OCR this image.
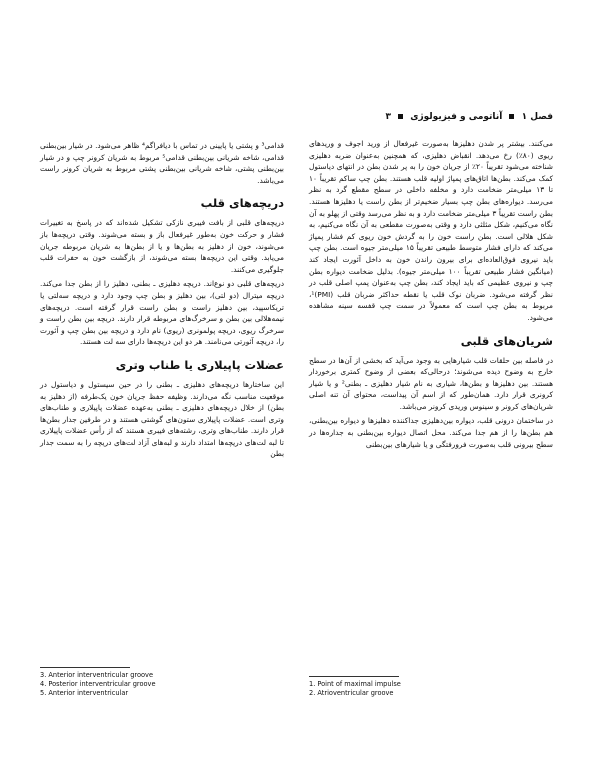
فصل ۱  آناتومی و فیزیولوژی  ۳

می‌کنند. بیشتر پر شدن دهلیزها به‌صورت غیرفعال از ورید اجوف و وریدهای ریوی (۸۰٪) رخ می‌دهد. انقباض دهلیزی، که همچنین به‌عنوان ضربه دهلیزی شناخته می‌شود تقریباً ۲۰٪ از جریان خون را به پر شدن بطن در انتهای دیاستول کمک می‌کند. بطن‌ها اتاق‌های پمپاژ اولیه قلب هستند. بطن چپ ساکم تقریباً ۱۰ تا ۱۳ میلی‌متر ضخامت دارد و مخلفه داخلی در سطح مقطع گرد به نظر می‌رسد. دیواره‌های بطن چپ بسیار ضخیم‌تر از بطن راست یا دهلیزها هستند. بطن راست تقریباً ۳ میلی‌متر ضخامت دارد و به نظر می‌رسد وقتی از پهلو به آن نگاه می‌کنیم، شکل مثلثی دارد و وقتی به‌صورت مقطعی به آن نگاه می‌کنیم، به شکل هلالی است. بطن راست خون را به گردش خون ریوی کم فشار پمپاژ می‌کند که دارای فشار متوسط طبیعی تقریباً ۱۵ میلی‌متر جیوه است. بطن چپ باید نیروی فوق‌العاده‌ای برای بیرون راندن خون به داخل آئورت ایجاد کند (میانگین فشار طبیعی تقریباً ۱۰۰ میلی‌متر جیوه). بدلیل ضخامت دیواره بطن چپ و نیروی عظیمی که باید ایجاد کند، بطن چپ به‌عنوان پمپ اصلی قلب در نظر گرفته می‌شود. ضربان نوک قلب یا نقطه حداکثر ضربان قلب (PMI)¹، مربوط به بطن چپ است که معمولاً در سمت چپ قفسه سینه مشاهده می‌شود.

شریان‌های قلبی

در فاصله بین حلقات قلب شیارهایی به وجود می‌آید که بخشی از آن‌ها در سطح خارج به وضوح دیده می‌شوند؛ درحالی‌که بعضی از وضوح کمتری برخوردار هستند. بین دهلیزها و بطن‌ها، شیاری به نام شیار دهلیزی ـ بطنی² و یا شیار کرونری قرار دارد. همان‌طور که از اسم آن پیداست، محتوای آن تنه اصلی شریان‌های کرونر و سینوس وریدی کرونر می‌باشد.

در ساختمان درونی قلب، دیواره بین‌دهلیزی جداکننده دهلیزها و دیواره بین‌بطنی، هم بطن‌ها را از هم جدا می‌کند. محل اتصال دیواره بین‌بطنی به جداره‌ها در سطح بیرونی قلب به‌صورت فرورفتگی و یا شیارهای بین‌بطنی

قدامی³ و پشتی یا پایینی در تماس با دیافراگم⁴ ظاهر می‌شود. در شیار بین‌بطنی قدامی، شاخه شریانی بین‌بطنی قدامی⁵ مربوط به شریان کرونر چپ و در شیار بین‌بطنی پشتی، شاخه شریانی بین‌بطنی پشتی مربوط به شریان کرونر راست می‌باشد.

دریچه‌های قلب

دریچه‌های قلبی از بافت فیبری نازکی تشکیل شده‌اند که در پاسخ به تغییرات فشار و حرکت خون به‌طور غیرفعال باز و بسته می‌شوند. وقتی دریچه‌ها باز می‌شوند، خون از دهلیز به بطن‌ها و یا از بطن‌ها به شریان مربوطه جریان می‌یابد. وقتی این دریچه‌ها بسته می‌شوند، از بازگشت خون به حفرات قلب جلوگیری می‌کنند.

دریچه‌های قلبی دو نوع‌اند. دریچه دهلیزی ـ بطنی، دهلیز را از بطن جدا می‌کند. دریچه میترال (دو لتی)، بین دهلیز و بطن چپ وجود دارد و دریچه سه‌لتی یا تریکاسپید، بین دهلیز راست و بطن راست قرار گرفته است. دریچه‌های نیمه‌هلالی بین بطن و سرخرگ‌های مربوطه قرار دارند. دریچه بین بطن راست و سرخرگ ریوی، دریچه پولمونری (ریوی) نام دارد و دریچه بین بطن چپ و آئورت را، دریچه آئورتی می‌نامند. هر دو این دریچه‌ها دارای سه لت هستند.

عضلات پاپیلاری یا طناب وتری

این ساختارها دریچه‌های دهلیزی ـ بطنی را در حین سیستول و دیاستول در موقعیت مناسب نگه می‌دارند. وظیفه حفظ جریان خون یک‌طرفه (از دهلیز به بطن) از خلال دریچه‌های دهلیزی ـ بطنی به‌عهده عضلات پاپیلاری و طناب‌های وتری است. عضلات پاپیلاری ستون‌های گوشتی هستند و در طرفین جدار بطن‌ها قرار دارند. طناب‌های وتری، رشته‌های فیبری هستند که از رأس عضلات پاپیلاری تا لبه لت‌های دریچه‌ها امتداد دارند و لبه‌های آزاد لت‌های دریچه را به سمت جدار بطن

3. Anterior interventricular groove
4. Posterior interventricular groove
5. Anterior interventricular
1. Point of maximal impulse
2. Atrioventricular groove
